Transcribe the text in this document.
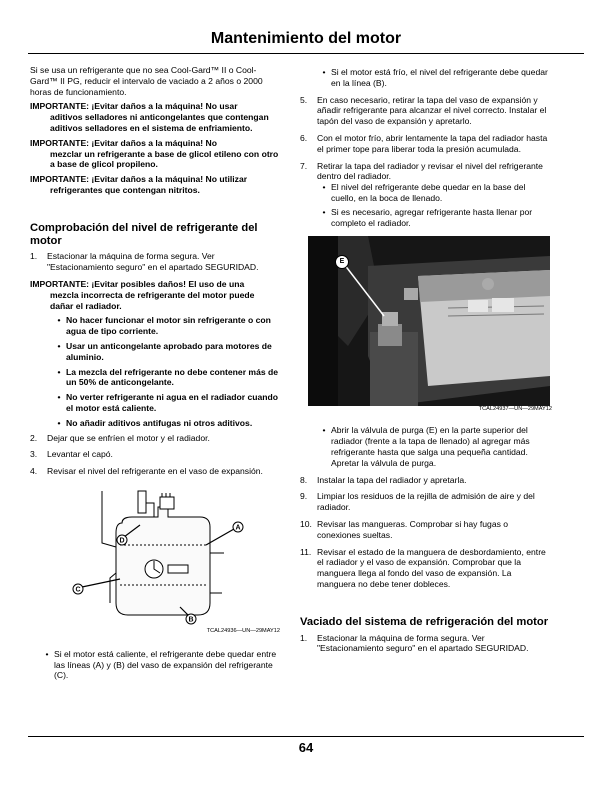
Mantenimiento del motor

Si se usa un refrigerante que no sea Cool-Gard™ II o Cool-Gard™ II PG, reducir el intervalo de vaciado a 2 años o 2000 horas de funcionamiento.

IMPORTANTE: ¡Evitar daños a la máquina! No usar
aditivos selladores ni anticongelantes que contengan aditivos selladores en el sistema de enfriamiento.
IMPORTANTE: ¡Evitar daños a la máquina! No
mezclar un refrigerante a base de glicol etileno con otro a base de glicol propileno.
IMPORTANTE: ¡Evitar daños a la máquina! No utilizar
refrigerantes que contengan nitritos.
Comprobación del nivel de refrigerante del motor
1.	Estacionar la máquina de forma segura. Ver "Estacionamiento seguro" en el apartado SEGURIDAD.
IMPORTANTE: ¡Evitar posibles daños! El uso de una
mezcla incorrecta de refrigerante del motor puede dañar el radiador.
• No hacer funcionar el motor sin refrigerante o con agua de tipo corriente.
• Usar un anticongelante aprobado para motores de aluminio.
• La mezcla del refrigerante no debe contener más de un 50% de anticongelante.
• No verter refrigerante ni agua en el radiador cuando el motor está caliente.
• No añadir aditivos antifugas ni otros aditivos.
2.	Dejar que se enfríen el motor y el radiador.
3.	Levantar el capó.
4.	Revisar el nivel del refrigerante en el vaso de expansión.
D
A
C
B

TCAL24936—UN—29MAY12

• Si el motor está caliente, el refrigerante debe quedar entre las líneas (A) y (B) del vaso de expansión del refrigerante (C).
• Si el motor está frío, el nivel del refrigerante debe quedar en la línea (B).
5.	En caso necesario, retirar la tapa del vaso de expansión y añadir refrigerante para alcanzar el nivel correcto. Instalar el tapón del vaso de expansión y apretarlo.
6.	Con el motor frío, abrir lentamente la tapa del radiador hasta el primer tope para liberar toda la presión acumulada.
7.	Retirar la tapa del radiador y revisar el nivel del refrigerante dentro del radiador.
• El nivel del refrigerante debe quedar en la base del cuello, en la boca de llenado.
• Si es necesario, agregar refrigerante hasta llenar por completo el radiador.
E

TCAL24937—UN—29MAY12

• Abrir la válvula de purga (E) en la parte superior del radiador (frente a la tapa de llenado) al agregar más refrigerante hasta que salga una pequeña cantidad. Apretar la válvula de purga.
8.	Instalar la tapa del radiador y apretarla.
9.	Limpiar los residuos de la rejilla de admisión de aire y del radiador.
10. Revisar las mangueras. Comprobar si hay fugas o conexiones sueltas.
11. Revisar el estado de la manguera de desbordamiento, entre el radiador y el vaso de expansión. Comprobar que la manguera llega al fondo del vaso de expansión. La manguera no debe tener dobleces.
Vaciado del sistema de refrigeración del motor
1.	Estacionar la máquina de forma segura. Ver "Estacionamiento seguro" en el apartado SEGURIDAD.
64
